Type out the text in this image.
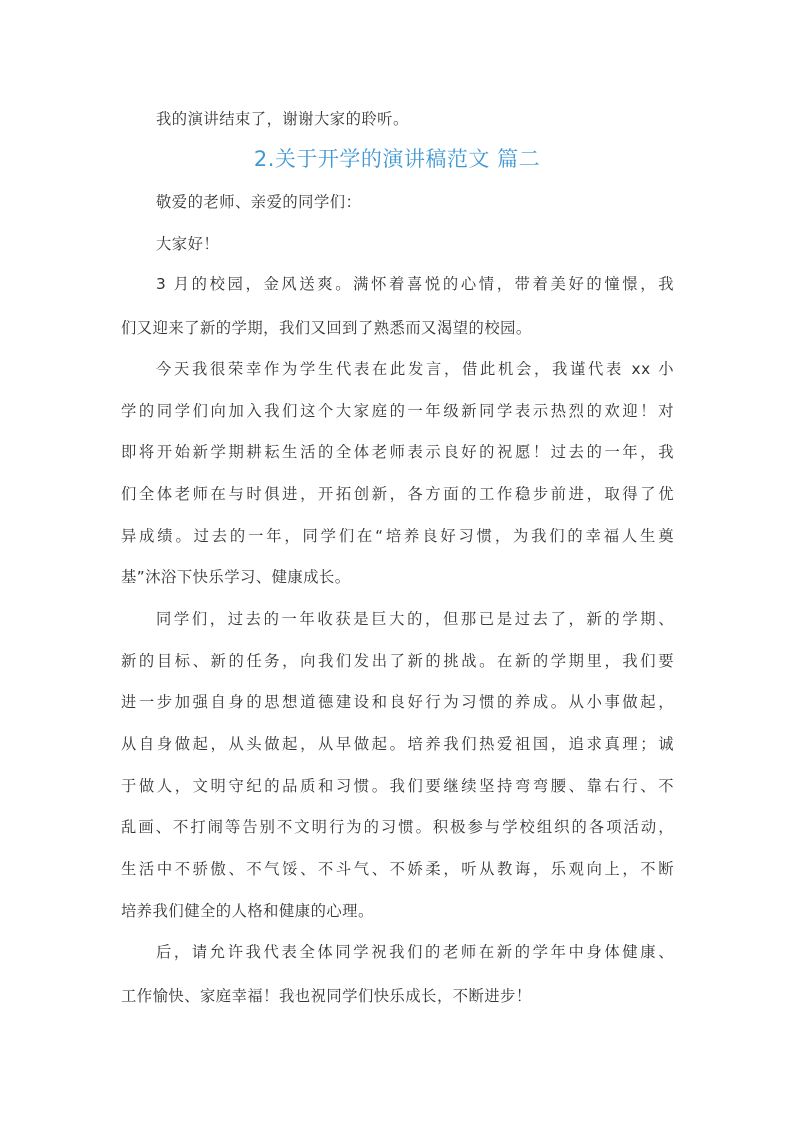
我的演讲结束了，谢谢大家的聆听。
2.关于开学的演讲稿范文 篇二
敬爱的老师、亲爱的同学们：
大家好！
3 月的校园，金风送爽。满怀着喜悦的心情，带着美好的憧憬，我
们又迎来了新的学期，我们又回到了熟悉而又渴望的校园。
今天我很荣幸作为学生代表在此发言，借此机会，我谨代表 xx 小
学的同学们向加入我们这个大家庭的一年级新同学表示热烈的欢迎！对
即将开始新学期耕耘生活的全体老师表示良好的祝愿！过去的一年，我
们全体老师在与时俱进，开拓创新，各方面的工作稳步前进，取得了优
异成绩。过去的一年，同学们在“培养良好习惯，为我们的幸福人生奠
基”沐浴下快乐学习、健康成长。
同学们，过去的一年收获是巨大的，但那已是过去了，新的学期、
新的目标、新的任务，向我们发出了新的挑战。在新的学期里，我们要
进一步加强自身的思想道德建设和良好行为习惯的养成。从小事做起，
从自身做起，从头做起，从早做起。培养我们热爱祖国，追求真理；诚
于做人，文明守纪的品质和习惯。我们要继续坚持弯弯腰、靠右行、不
乱画、不打闹等告别不文明行为的习惯。积极参与学校组织的各项活动，
生活中不骄傲、不气馁、不斗气、不娇柔，听从教诲，乐观向上，不断
培养我们健全的人格和健康的心理。
后，请允许我代表全体同学祝我们的老师在新的学年中身体健康、
工作愉快、家庭幸福！我也祝同学们快乐成长，不断进步！
